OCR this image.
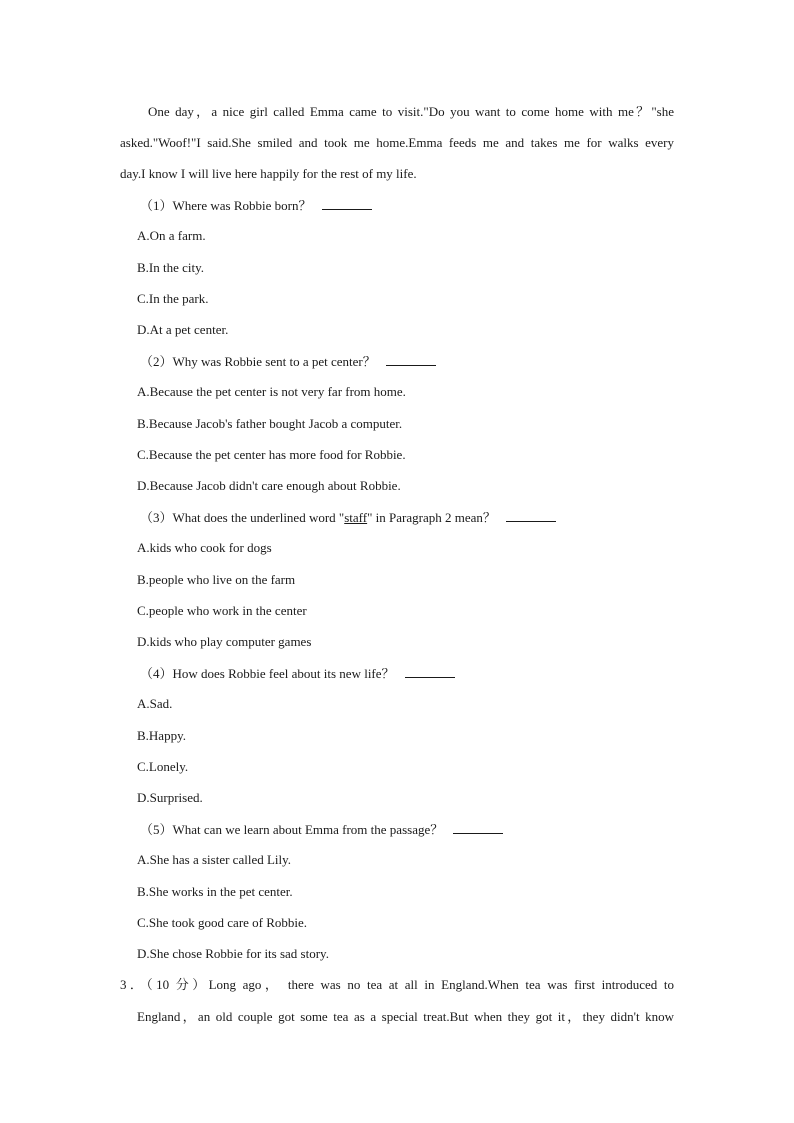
One day，a nice girl called Emma came to visit."Do you want to come home with me？"she
asked."Woof!"I said.She smiled and took me home.Emma feeds me and takes me for walks every
day.I know I will live here happily for the rest of my life.
（1）Where was Robbie born？
A.On a farm.
B.In the city.
C.In the park.
D.At a pet center.
（2）Why was Robbie sent to a pet center？
A.Because the pet center is not very far from home.
B.Because Jacob's father bought Jacob a computer.
C.Because the pet center has more food for Robbie.
D.Because Jacob didn't care enough about Robbie.
（3）What does the underlined word "staff" in Paragraph 2 mean？
A.kids who cook for dogs
B.people who live on the farm
C.people who work in the center
D.kids who play computer games
（4）How does Robbie feel about its new life？
A.Sad.
B.Happy.
C.Lonely.
D.Surprised.
（5）What can we learn about Emma from the passage？
A.She has a sister called Lily.
B.She works in the pet center.
C.She took good care of Robbie.
D.She chose Robbie for its sad story.
3．（10 分）Long ago， there was no tea at all in England.When tea was first introduced to
England，an old couple got some tea as a special treat.But when they got it，they didn't know
